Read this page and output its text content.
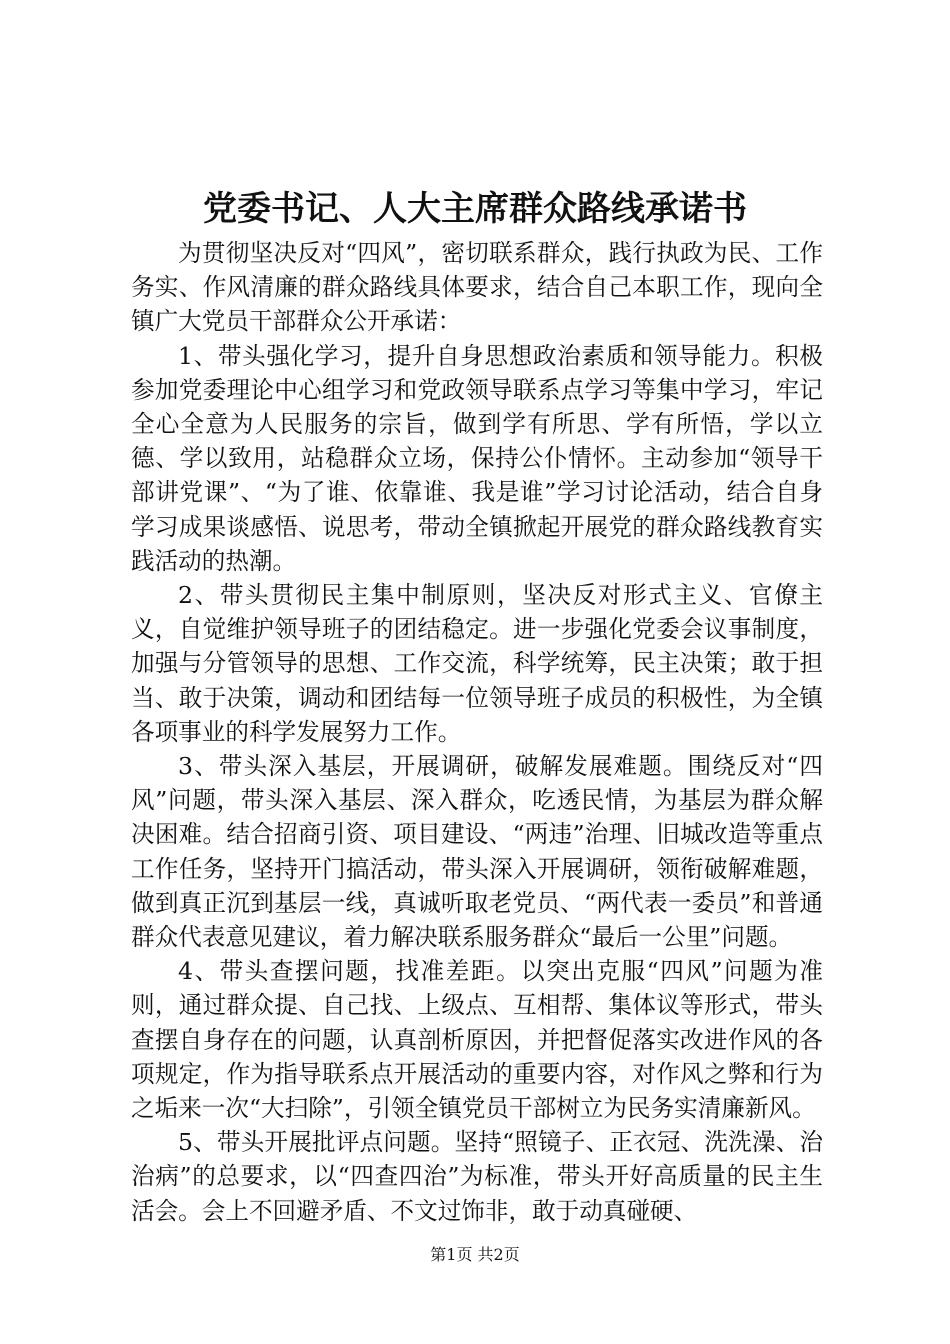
党委书记、人大主席群众路线承诺书

为贯彻坚决反对“四风”，密切联系群众，践行执政为民、工作务实、作风清廉的群众路线具体要求，结合自己本职工作，现向全镇广大党员干部群众公开承诺：

1、带头强化学习，提升自身思想政治素质和领导能力。积极参加党委理论中心组学习和党政领导联系点学习等集中学习，牢记全心全意为人民服务的宗旨，做到学有所思、学有所悟，学以立德、学以致用，站稳群众立场，保持公仆情怀。主动参加“领导干部讲党课”、“为了谁、依靠谁、我是谁”学习讨论活动，结合自身学习成果谈感悟、说思考，带动全镇掀起开展党的群众路线教育实践活动的热潮。

2、带头贯彻民主集中制原则，坚决反对形式主义、官僚主义，自觉维护领导班子的团结稳定。进一步强化党委会议事制度，加强与分管领导的思想、工作交流，科学统筹，民主决策；敢于担当、敢于决策，调动和团结每一位领导班子成员的积极性，为全镇各项事业的科学发展努力工作。

3、带头深入基层，开展调研，破解发展难题。围绕反对“四风”问题，带头深入基层、深入群众，吃透民情，为基层为群众解决困难。结合招商引资、项目建设、“两违”治理、旧城改造等重点工作任务，坚持开门搞活动，带头深入开展调研，领衔破解难题，做到真正沉到基层一线，真诚听取老党员、“两代表一委员”和普通群众代表意见建议，着力解决联系服务群众“最后一公里”问题。

4、带头查摆问题，找准差距。以突出克服“四风”问题为准则，通过群众提、自己找、上级点、互相帮、集体议等形式，带头查摆自身存在的问题，认真剖析原因，并把督促落实改进作风的各项规定，作为指导联系点开展活动的重要内容，对作风之弊和行为之垢来一次“大扫除”，引领全镇党员干部树立为民务实清廉新风。

5、带头开展批评点问题。坚持“照镜子、正衣冠、洗洗澡、治治病”的总要求，以“四查四治”为标准，带头开好高质量的民主生活会。会上不回避矛盾、不文过饰非，敢于动真碰硬、

第1页 共2页
